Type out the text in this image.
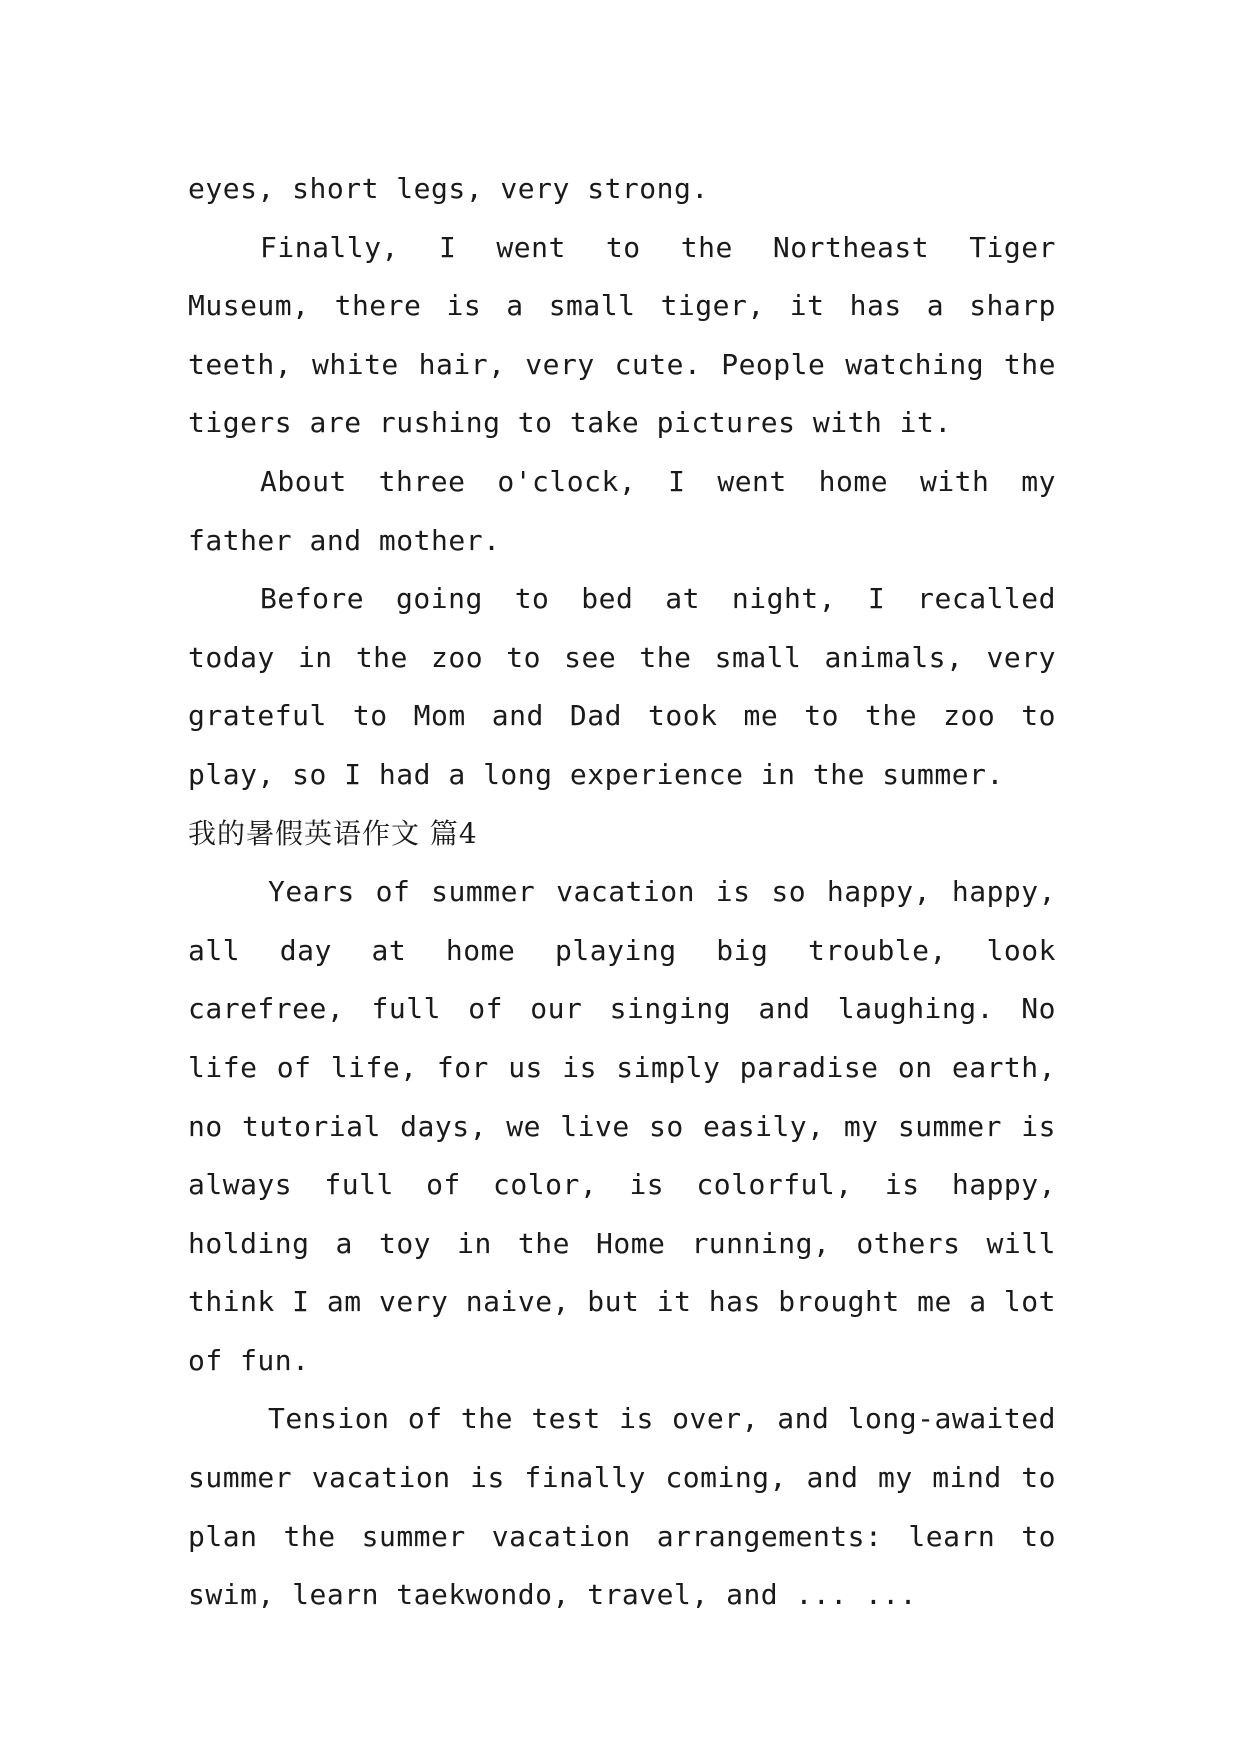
eyes, short legs, very strong.

Finally, I went to the Northeast Tiger Museum, there is a small tiger, it has a sharp teeth, white hair, very cute. People watching the tigers are rushing to take pictures with it.

About three o'clock, I went home with my father and mother.

Before going to bed at night, I recalled today in the zoo to see the small animals, very grateful to Mom and Dad took me to the zoo to play, so I had a long experience in the summer.

我的暑假英语作文 篇4

Years of summer vacation is so happy, happy, all day at home playing big trouble, look carefree, full of our singing and laughing. No life of life, for us is simply paradise on earth, no tutorial days, we live so easily, my summer is always full of color, is colorful, is happy, holding a toy in the Home running, others will think I am very naive, but it has brought me a lot of fun.

Tension of the test is over, and long-awaited summer vacation is finally coming, and my mind to plan the summer vacation arrangements: learn to swim, learn taekwondo, travel, and ... ...
